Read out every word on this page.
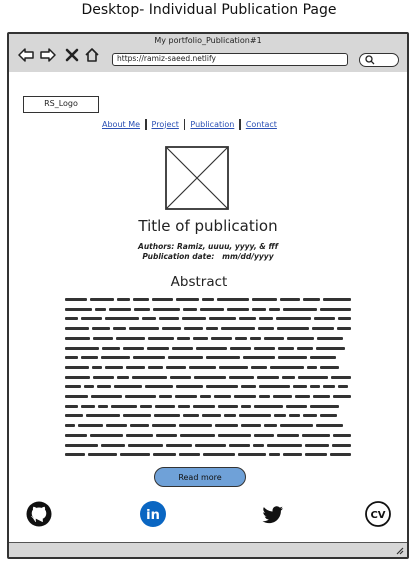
Desktop- Individual Publication Page
My portfolio_Publication#1
https://ramiz-saeed.netlify
RS_Logo
About Me	Project	Publication	Contact
Title of publication
Authors: Ramiz, uuuu, yyyy, & fff
Publication date:   mm/dd/yyyy
Abstract
Read more
in	CV
